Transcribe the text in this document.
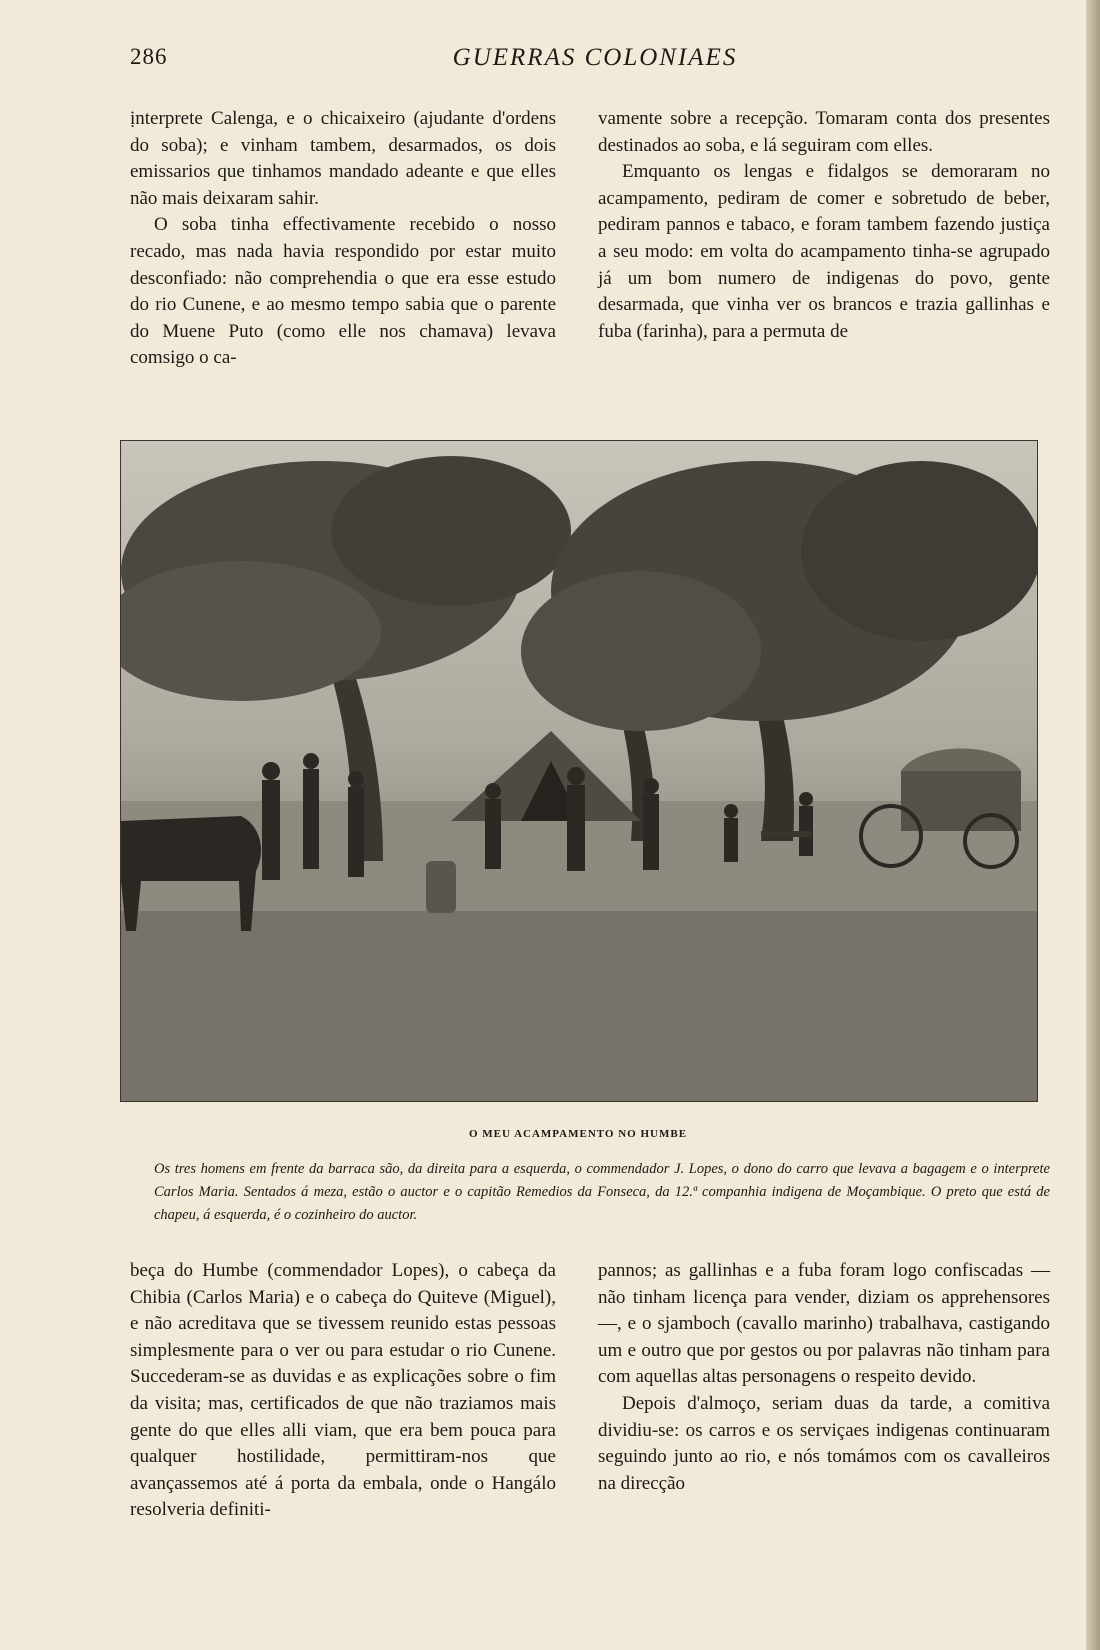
286	GUERRAS COLONIAES

ịnterprete Calenga, e o chicaixeiro (ajudante d'ordens do soba); e vinham tambem, desarmados, os dois emissarios que tinhamos mandado adeante e que elles não mais deixaram sahir.

O soba tinha effectivamente recebido o nosso recado, mas nada havia respondido por estar muito desconfiado: não comprehendia o que era esse estudo do rio Cunene, e ao mesmo tempo sabia que o parente do Muene Puto (como elle nos chamava) levava comsigo o ca-

vamente sobre a recepção. Tomaram conta dos presentes destinados ao soba, e lá seguiram com elles.

Emquanto os lengas e fidalgos se demoraram no acampamento, pediram de comer e sobretudo de beber, pediram pannos e tabaco, e foram tambem fazendo justiça a seu modo: em volta do acampamento tinha-se agrupado já um bom numero de indigenas do povo, gente desarmada, que vinha ver os brancos e trazia gallinhas e fuba (farinha), para a permuta de

O MEU ACAMPAMENTO NO HUMBE
Os tres homens em frente da barraca são, da direita para a esquerda, o commendador J. Lopes, o dono do carro que levava a bagagem e o interprete Carlos Maria. Sentados á meza, estão o auctor e o capitão Remedios da Fonseca, da 12.ª companhia indigena de Moçambique. O preto que está de chapeu, á esquerda, é o cozinheiro do auctor.

beça do Humbe (commendador Lopes), o cabeça da Chibia (Carlos Maria) e o cabeça do Quiteve (Miguel), e não acreditava que se tivessem reunido estas pessoas simplesmente para o ver ou para estudar o rio Cunene. Succederam-se as duvidas e as explicações sobre o fim da visita; mas, certificados de que não traziamos mais gente do que elles alli viam, que era bem pouca para qualquer hostilidade, permittiram-nos que avançassemos até á porta da embala, onde o Hangálo resolveria definiti-

pannos; as gallinhas e a fuba foram logo confiscadas — não tinham licença para vender, diziam os apprehensores —, e o sjamboch (cavallo marinho) trabalhava, castigando um e outro que por gestos ou por palavras não tinham para com aquellas altas personagens o respeito devido.

Depois d'almoço, seriam duas da tarde, a comitiva dividiu-se: os carros e os serviçaes indigenas continuaram seguindo junto ao rio, e nós tomámos com os cavalleiros na direcção
